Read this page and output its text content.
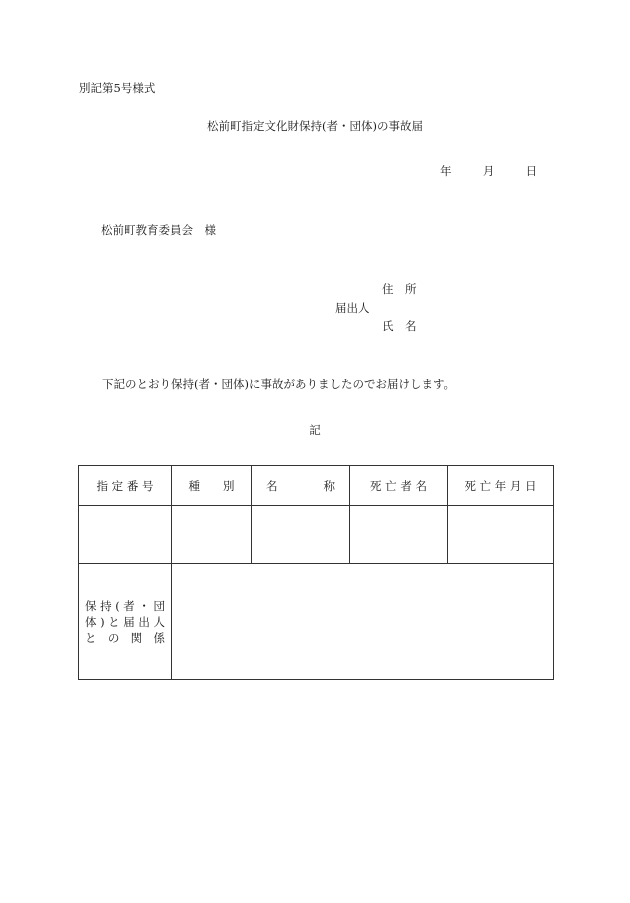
別記第5号様式
松前町指定文化財保持(者・団体)の事故届
年	月	日
松前町教育委員会　様
住　所
届出人
氏　名
下記のとおり保持(者・団体)に事故がありましたのでお届けします。
記
指 定 番 号	種　　別	名　　　　称	死 亡 者 名	死 亡 年 月 日

保持(者・団
体)と届出人
と の 関 係				
